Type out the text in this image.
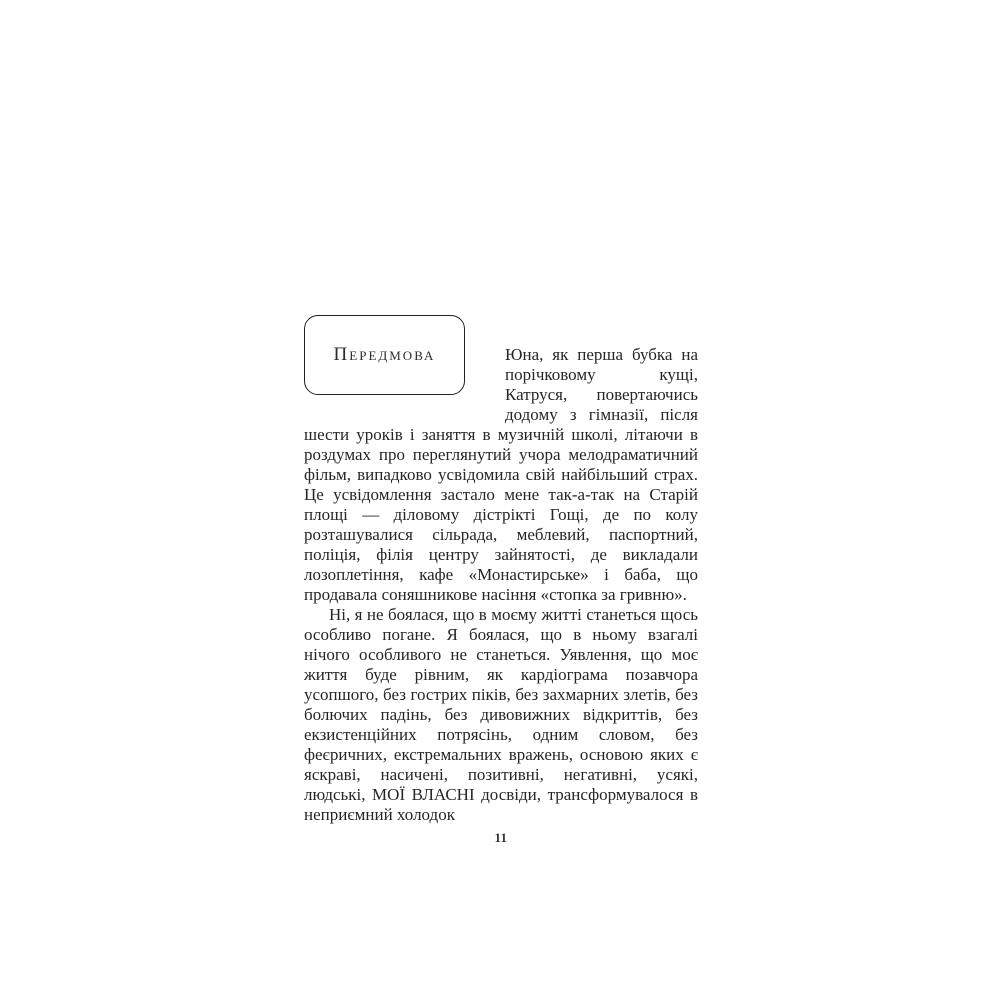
Передмова	Юна, як перша бубка на порічковому кущі, Катруся, повертаючись додому з гімназії, після шести уроків і заняття в музичній школі, літаючи в роздумах про переглянутий учора мелодраматичний фільм, випадково усвідомила свій найбільший страх. Це усвідомлення застало мене так-а-так на Старій площі — діловому дістрікті Гощі, де по колу розташувалися сільрада, меблевий, паспортний, поліція, філія центру зайнятості, де викладали лозоплетіння, кафе «Монастирське» і баба, що продавала соняшникове насіння «стопка за гривню».

Ні, я не боялася, що в моєму житті станеться щось особливо погане. Я боялася, що в ньому взагалі нічого особливого не станеться. Уявлення, що моє життя буде рівним, як кардіограма позавчора усопшого, без гострих піків, без захмарних злетів, без болючих падінь, без дивовижних відкриттів, без екзистенційних потрясінь, одним словом, без феєричних, екстремальних вражень, основою яких є яскраві, насичені, позитивні, негативні, усякі, людські, МОЇ ВЛАСНІ досвіди, трансформувалося в неприємний холодок

11
